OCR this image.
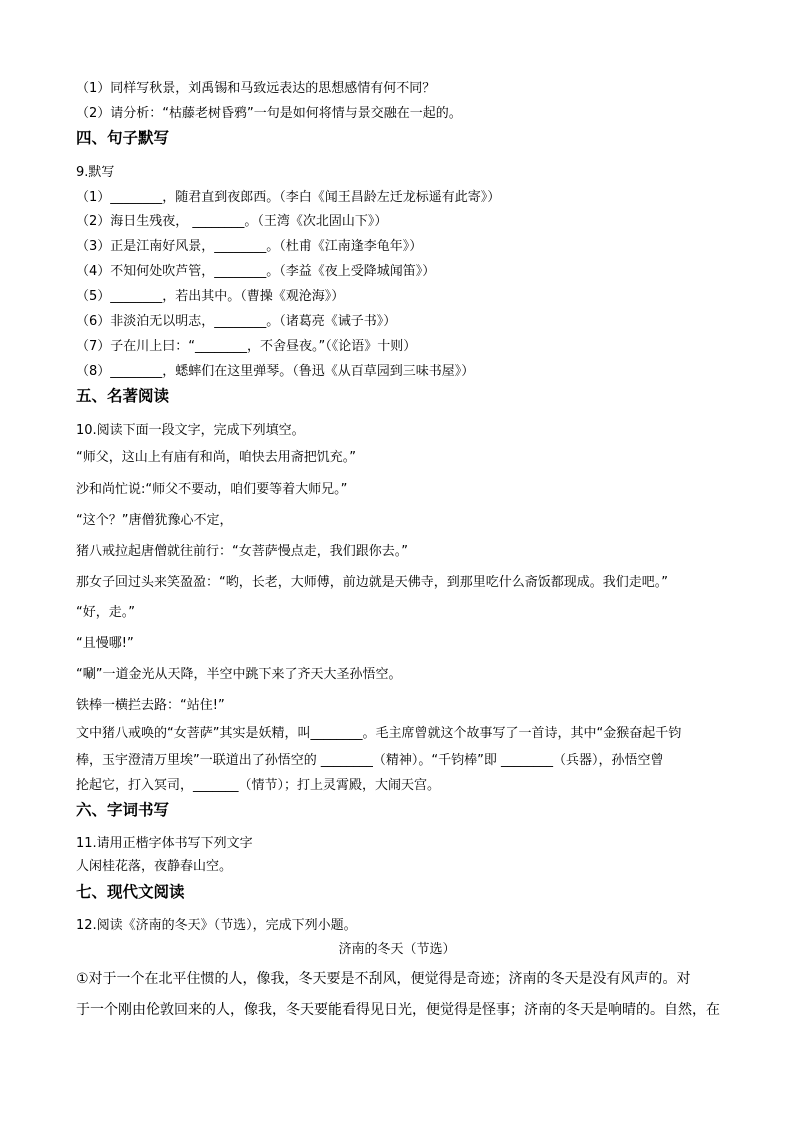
（1）同样写秋景，刘禹锡和马致远表达的思想感情有何不同？
（2）请分析：“枯藤老树昏鸦”一句是如何将情与景交融在一起的。
四、句子默写
9.默写
（1）________，随君直到夜郎西。（李白《闻王昌龄左迁龙标遥有此寄》）
（2）海日生残夜， ________。（王湾《次北固山下》）
（3）正是江南好风景，________。（杜甫《江南逢李龟年》）
（4）不知何处吹芦管，________。（李益《夜上受降城闻笛》）
（5）________，若出其中。（曹操《观沧海》）
（6）非淡泊无以明志，________。（诸葛亮《诫子书》）
（7）子在川上曰：“________，不舍昼夜。”（《论语》十则）
（8）________，蟋蟀们在这里弹琴。（鲁迅《从百草园到三味书屋》）
五、名著阅读
10.阅读下面一段文字，完成下列填空。
“师父，这山上有庙有和尚，咱快去用斋把饥充。”
沙和尚忙说:“师父不要动，咱们要等着大师兄。”
“这个？”唐僧犹豫心不定，
猪八戒拉起唐僧就往前行：“女菩萨慢点走，我们跟你去。”
那女子回过头来笑盈盈：“哟，长老，大师傅，前边就是天佛寺，到那里吃什么斋饭都现成。我们走吧。”
“好，走。”
“且慢哪!”
“唰”一道金光从天降，半空中跳下来了齐天大圣孙悟空。
铁棒一横拦去路：“站住!”
文中猪八戒唤的“女菩萨”其实是妖精，叫________。毛主席曾就这个故事写了一首诗，其中“金猴奋起千钧
棒，玉宇澄清万里埃”一联道出了孙悟空的 ________（精神）。“千钧棒”即 ________（兵器），孙悟空曾
抡起它，打入冥司，_______（情节）；打上灵霄殿，大闹天宫。
六、字词书写
11.请用正楷字体书写下列文字
人闲桂花落，夜静春山空。
七、现代文阅读
12.阅读《济南的冬天》（节选），完成下列小题。
济南的冬天（节选）
①对于一个在北平住惯的人，像我，冬天要是不刮风，便觉得是奇迹；济南的冬天是没有风声的。对
于一个刚由伦敦回来的人，像我，冬天要能看得见日光，便觉得是怪事；济南的冬天是响晴的。自然，在
